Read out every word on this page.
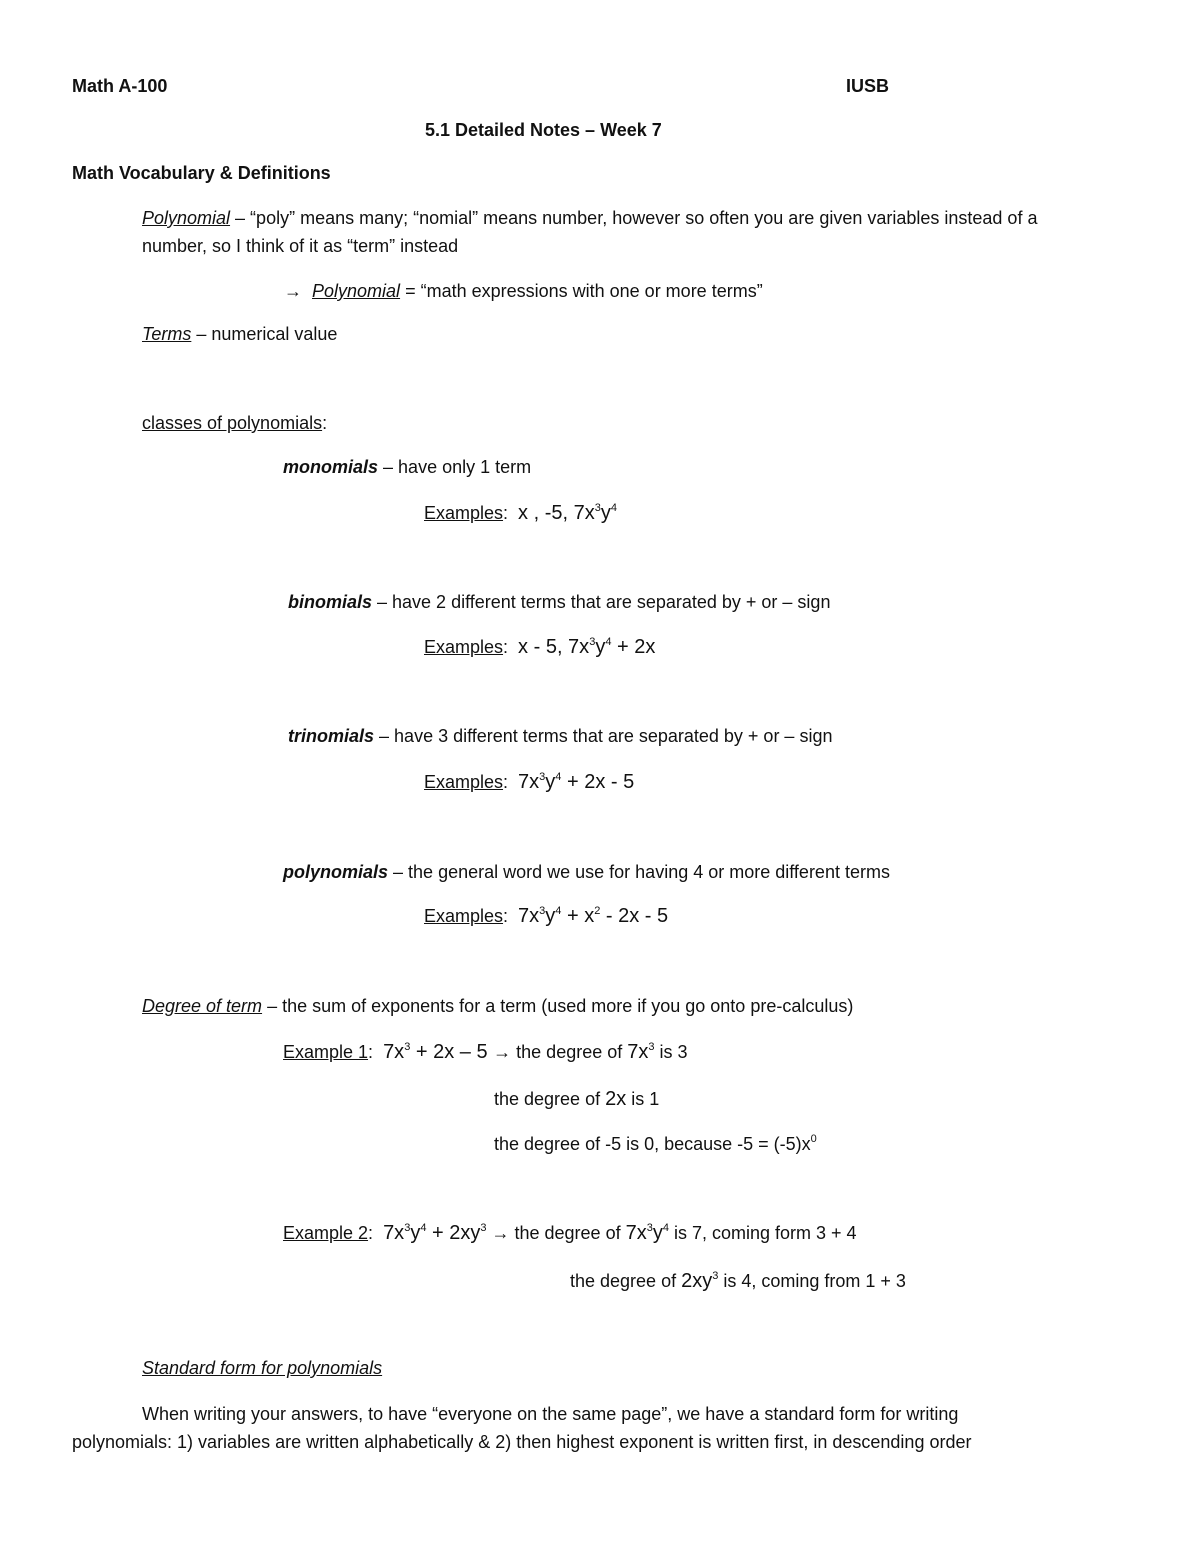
Math A-100	IUSB
5.1 Detailed Notes – Week 7
Math Vocabulary & Definitions
Polynomial – “poly” means many; “nomial” means number, however so often you are given variables instead of a
number, so I think of it as “term” instead
→ Polynomial = “math expressions with one or more terms”
Terms – numerical value
classes of polynomials:
monomials – have only 1 term
Examples:  x , -5, $7x^3y^4$
binomials – have 2 different terms that are separated by + or – sign
Examples:  x - 5, $7x^3y^4 + 2x$
trinomials – have 3 different terms that are separated by + or – sign
Examples:  $7x^3y^4 + 2x - 5$
polynomials – the general word we use for having 4 or more different terms
Examples:  $7x^3y^4 + x^2 - 2x - 5$
Degree of term – the sum of exponents for a term (used more if you go onto pre-calculus)
Example 1:  $7x^3 + 2x - 5$ → the degree of $7x^3$ is 3
the degree of 2x is 1
the degree of -5 is 0, because $-5 = (-5)x^0$
Example 2:  $7x^3y^4 + 2xy^3$ → the degree of $7x^3y^4$ is 7, coming form 3 + 4
the degree of $2xy^3$ is 4, coming from 1 + 3
Standard form for polynomials
When writing your answers, to have “everyone on the same page”, we have a standard form for writing
polynomials: 1) variables are written alphabetically & 2) then highest exponent is written first, in descending order
